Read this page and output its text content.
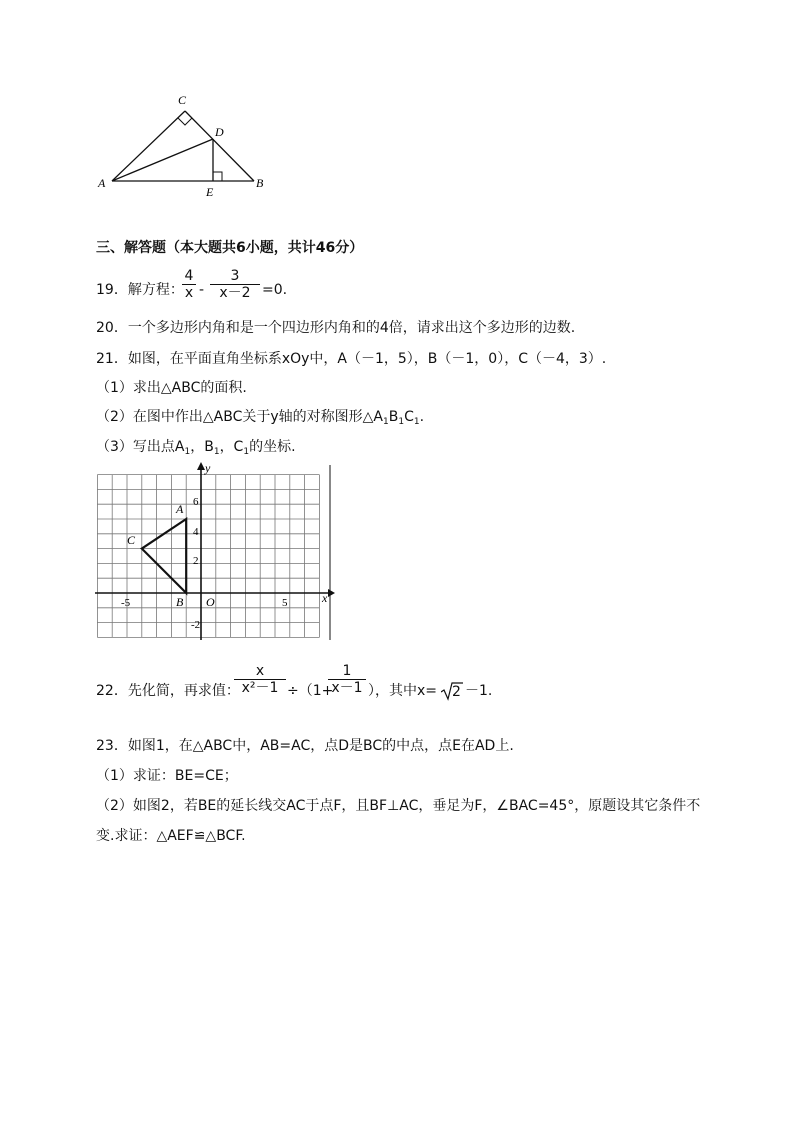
C
D
A
E
B
三、解答题（本大题共6小题，共计46分）
19．解方程：
4
x -
3
x－2 =0.
20．一个多边形内角和是一个四边形内角和的4倍，请求出这个多边形的边数.
21．如图，在平面直角坐标系xOy中，A（－1，5），B（－1，0），C（－4，3）.
（1）求出△ABC的面积.
（2）在图中作出△ABC关于y轴的对称图形$\triangle A_1B_1C_1$.
（3）写出点$A_1$，$B_1$，$C_1$的坐标.
y
x
O
A
B
C
6
4
2
-2
-5	5
22．先化简，再求值：
x
x²－1 ÷（1+
1
x－1 ），其中x= 2 －1.
23．如图1，在△ABC中，AB=AC，点D是BC的中点，点E在AD上.
（1）求证：BE=CE；
（2）如图2，若BE的延长线交AC于点F，且BF⊥AC，垂足为F，∠BAC=45°，原题设其它条件不
变.求证：△AEF≌△BCF.
